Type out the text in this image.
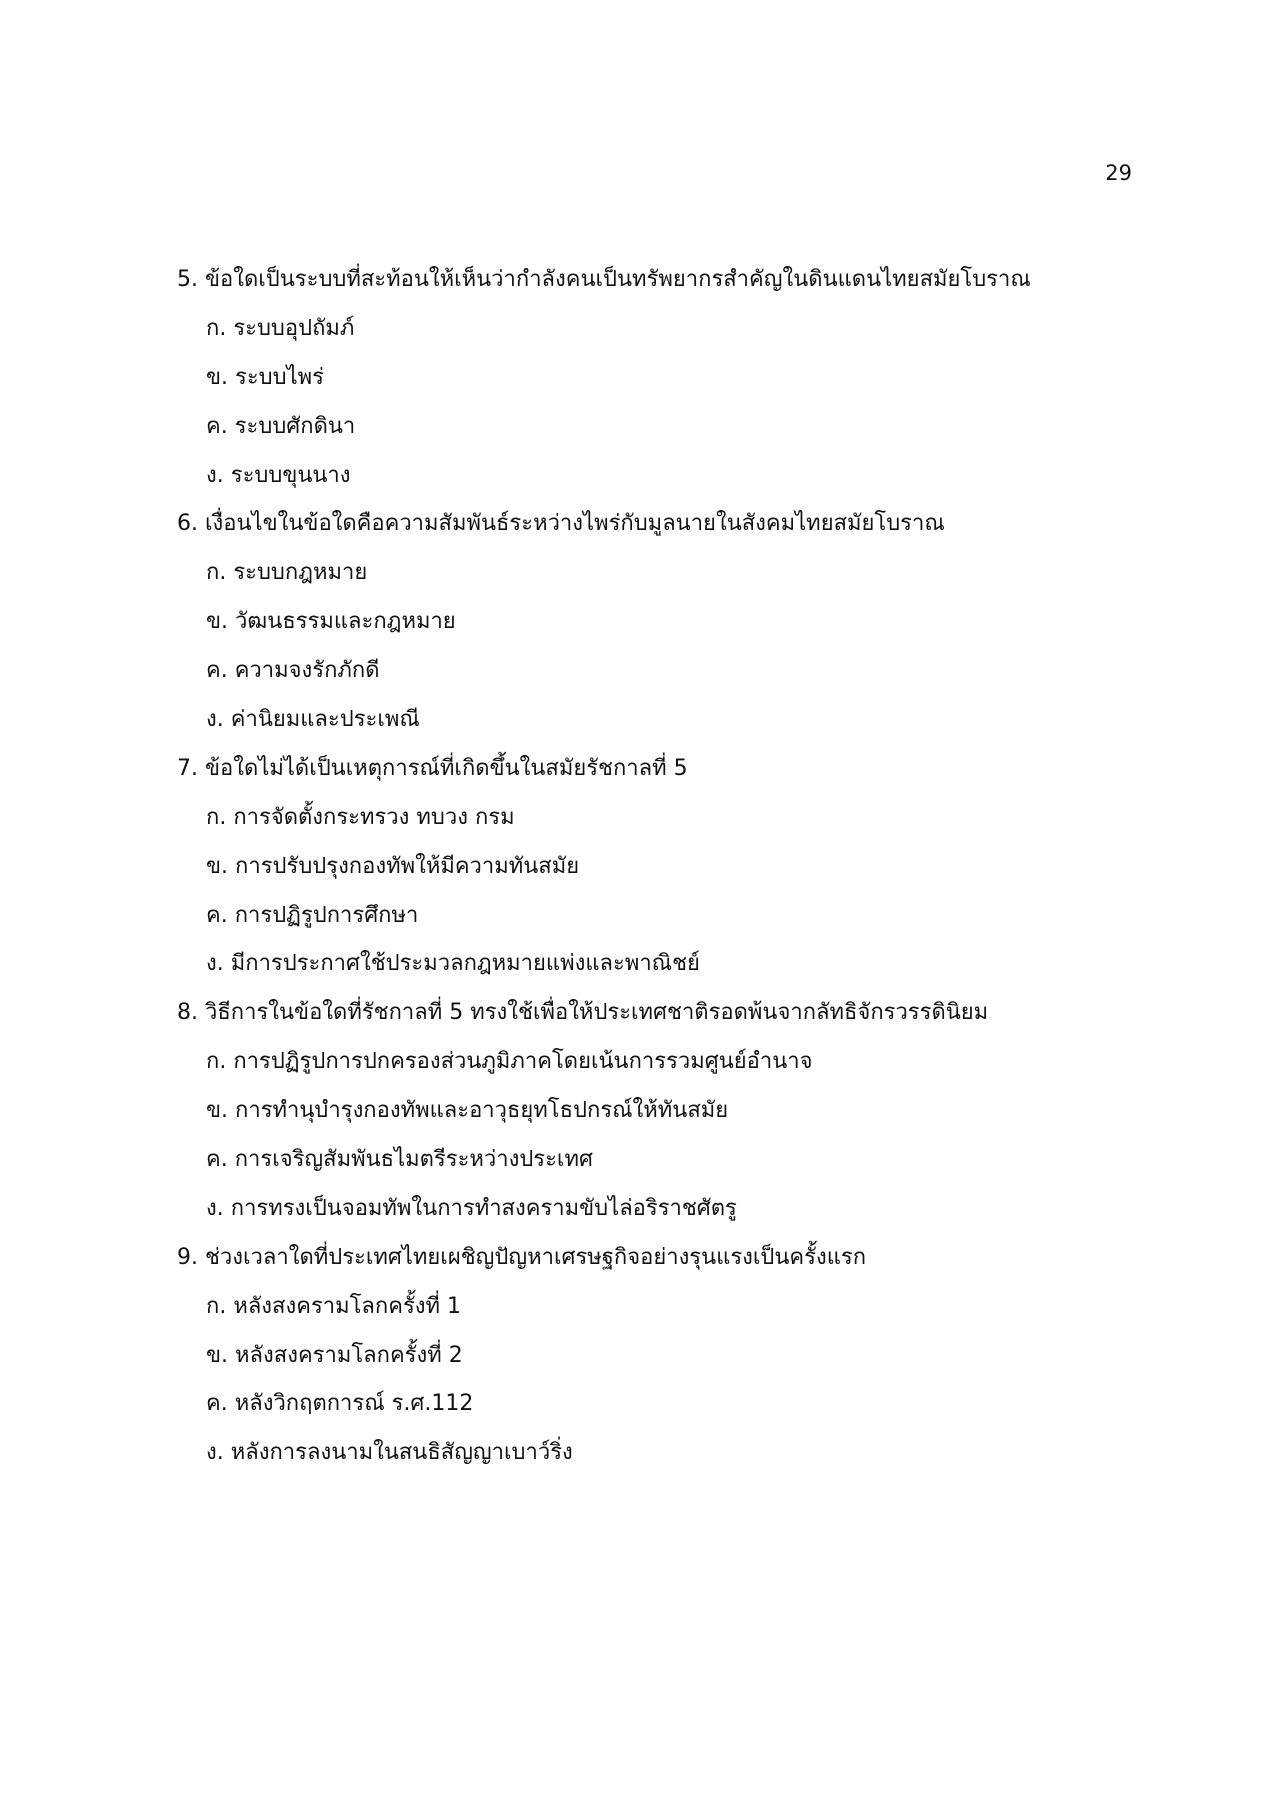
29
5. ข้อใดเป็นระบบที่สะท้อนให้เห็นว่ากำลังคนเป็นทรัพยากรสำคัญในดินแดนไทยสมัยโบราณ
ก. ระบบอุปถัมภ์
ข. ระบบไพร่
ค. ระบบศักดินา
ง. ระบบขุนนาง
6. เงื่อนไขในข้อใดคือความสัมพันธ์ระหว่างไพร่กับมูลนายในสังคมไทยสมัยโบราณ
ก. ระบบกฎหมาย
ข. วัฒนธรรมและกฎหมาย
ค. ความจงรักภักดี
ง. ค่านิยมและประเพณี
7. ข้อใดไม่ได้เป็นเหตุการณ์ที่เกิดขึ้นในสมัยรัชกาลที่ 5
ก. การจัดตั้งกระทรวง ทบวง กรม
ข. การปรับปรุงกองทัพให้มีความทันสมัย
ค. การปฏิรูปการศึกษา
ง. มีการประกาศใช้ประมวลกฎหมายแพ่งและพาณิชย์
8. วิธีการในข้อใดที่รัชกาลที่ 5 ทรงใช้เพื่อให้ประเทศชาติรอดพ้นจากลัทธิจักรวรรดินิยม
ก. การปฏิรูปการปกครองส่วนภูมิภาคโดยเน้นการรวมศูนย์อำนาจ
ข. การทำนุบำรุงกองทัพและอาวุธยุทโธปกรณ์ให้ทันสมัย
ค. การเจริญสัมพันธไมตรีระหว่างประเทศ
ง. การทรงเป็นจอมทัพในการทำสงครามขับไล่อริราชศัตรู
9. ช่วงเวลาใดที่ประเทศไทยเผชิญปัญหาเศรษฐกิจอย่างรุนแรงเป็นครั้งแรก
ก. หลังสงครามโลกครั้งที่ 1
ข. หลังสงครามโลกครั้งที่ 2
ค. หลังวิกฤตการณ์ ร.ศ.112
ง. หลังการลงนามในสนธิสัญญาเบาว์ริ่ง
